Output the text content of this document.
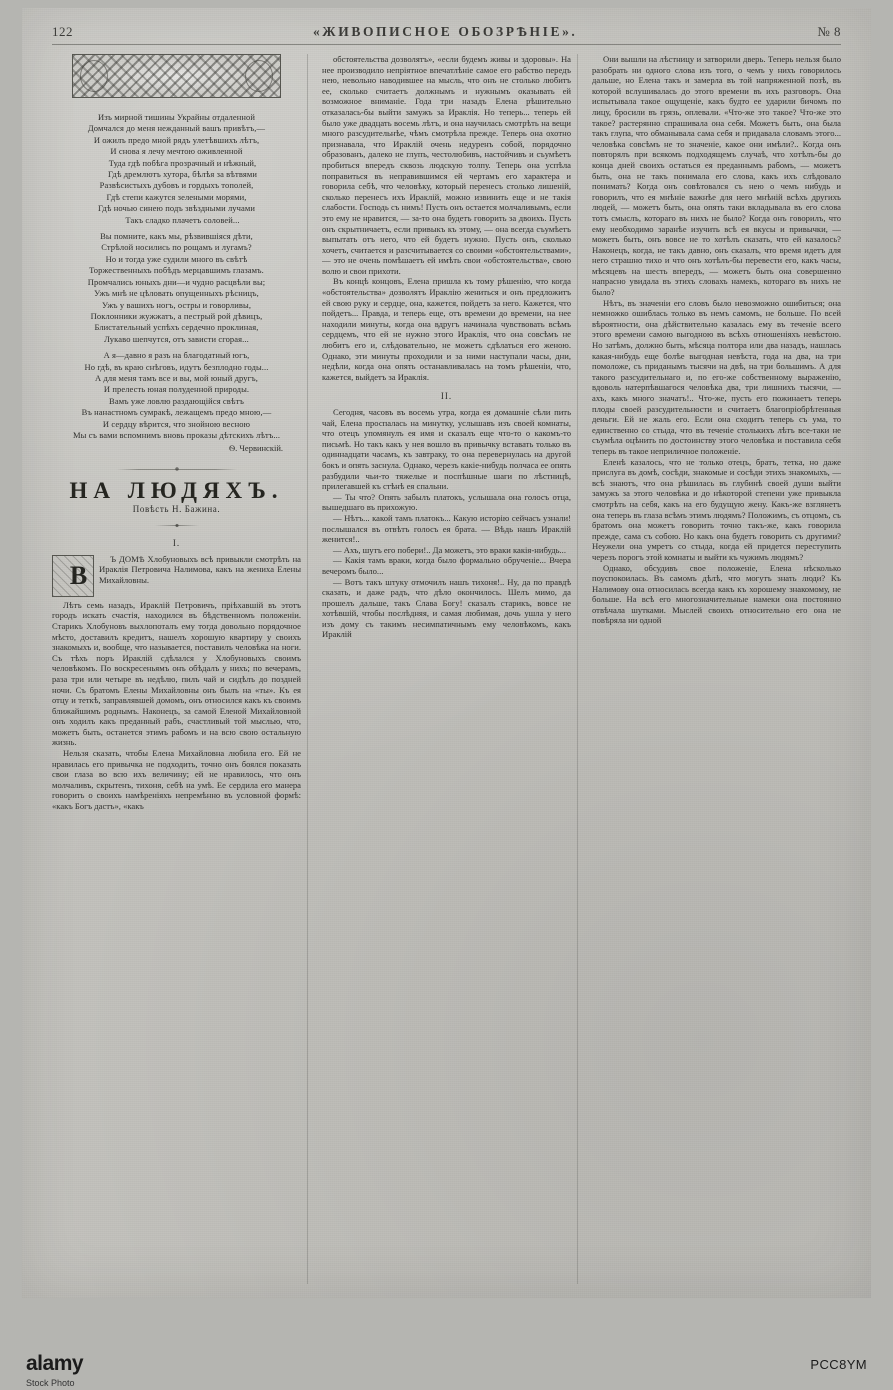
122	«ЖИВОПИСНОЕ ОБОЗРѢНІЕ».	№ 8
Изъ мирной тишины Украйны отдаленной
Домчался до меня нежданный вашъ привѣтъ,—
И ожилъ предо мной рядъ улетѣвшихъ лѣтъ,
И снова я лечу мечтою оживленной
Туда гдѣ побѣга прозрачный и нѣжный,
Гдѣ дремлютъ хутора, бѣлѣя за вѣтвями
Развѣсистыхъ дубовъ и гордыхъ тополей,
Гдѣ степи кажутся зелеными морями,
Гдѣ ночью синею подъ звѣздными лучами
Такъ сладко плачетъ соловей...
Вы помните, какъ мы, рѣзвившіяся дѣти,
Стрѣлой носились по рощамъ и лугамъ?
Но и тогда уже судили много въ свѣтѣ
Торжественныхъ побѣдъ мерцавшимъ глазамъ.
Промчались юныхъ дни—и чудно расцвѣли вы;
Ужъ мнѣ не цѣловать опущенныхъ рѣсницъ,
Ужъ у вашихъ ногъ, остры и говорливы,
Поклонники жужжатъ, а пестрый рой дѣвицъ,
Блистательный успѣхъ сердечно проклиная,
Лукаво шепчутся, отъ зависти сгорая...
А я—давно я разъ на благодатный югъ,
Но гдѣ, въ краю снѣговъ, идутъ безплодно годы...
А для меня тамъ все и вы, мой юный другъ,
И прелесть юная полуденной природы.
Вамъ уже ловлю раздающійся свѣтъ
Въ нанастномъ сумракѣ, лежащемъ предо мною,—
И сердцу вѣрится, что знойною весною
Мы съ вами вспомнимъ вновь проказы дѣтскихъ лѣтъ...
Ѳ. Червинскій.
НА ЛЮДЯХЪ.
Повѣсть Н. Бажина.
I.

В
Ъ ДОМѢ Хлобуновыхъ всѣ привыкли смотрѣть на Ираклія Петровича Налимова, какъ на жениха Елены Михайловны.

Лѣтъ семь назадъ, Ираклій Петровичъ, пріѣхавшій въ этотъ городъ искать счастія, находился въ бѣдственномъ положеніи. Старикъ Хлобуновъ выхлопоталъ ему тогда довольно порядочное мѣсто, доставилъ кредитъ, нашелъ хорошую квартиру у своихъ знакомыхъ и, вообще, что называется, поставилъ человѣка на ноги. Съ тѣхъ поръ Ираклій сдѣлался у Хлобуновыхъ своимъ человѣкомъ. По воскресеньямъ онъ обѣдалъ у нихъ; по вечерамъ, раза три или четыре въ недѣлю, пилъ чай и сидѣлъ до поздней ночи. Съ братомъ Елены Михайловны онъ былъ на «ты». Къ ея отцу и теткѣ, заправлявшей домомъ, онъ относился какъ къ своимъ ближайшимъ роднымъ. Наконецъ, за самой Еленой Михайловной онъ ходилъ какъ преданный рабъ, счастливый той мыслью, что, можетъ быть, останется этимъ рабомъ и на всю свою остальную жизнь.

Нельзя сказать, чтобы Елена Михайловна любила его. Ей не нравилась его привычка не подходить, точно онъ боялся показать свои глаза во всю ихъ величину; ей не нравилось, что онъ молчаливъ, скрытенъ, тихоня, себѣ на умѣ. Ее сердила его манера говорить о своихъ намѣреніяхъ непремѣнно въ условной формѣ: «какъ Богъ дастъ», «какъ

обстоятельства дозволятъ», «если будемъ живы и здоровы». На нее производило непріятное впечатлѣніе самое его рабство передъ нею, невольно наводившее на мысль, что онъ не столько любитъ ее, сколько считаетъ должнымъ и нужнымъ оказывать ей возможное вниманіе. Года три назадъ Елена рѣшительно отказалась-бы выйти замужъ за Ираклія. Но теперь... теперь ей было уже двадцать восемь лѣтъ, и она научилась смотрѣть на вещи много разсудительнѣе, чѣмъ смотрѣла прежде. Теперь она охотно признавала, что Ираклій очень недуренъ собой, порядочно образованъ, далеко не глупъ, честолюбивъ, настойчивъ и съумѣетъ пробиться впередъ сквозь людскую толпу. Теперь она успѣла поправиться въ неправившимся ей чертамъ его характера и говорила себѣ, что человѣку, который перенесъ столько лишеній, сколько перенесъ ихъ Ираклій, можно извинить еще и не такія слабости. Господь съ нимъ! Пусть онъ остается молчаливымъ, если это ему не нравится, — за-то она будетъ говорить за двоихъ. Пусть онъ скрытничаетъ, если привыкъ къ этому, — она всегда съумѣетъ выпытать отъ него, что ей будетъ нужно. Пусть онъ, сколько хочетъ, считается и разсчитывается со своими «обстоятельствами», — это не очень помѣшаетъ ей имѣть свои «обстоятельства», свою волю и свои прихоти.

Въ концѣ концовъ, Елена пришла къ тому рѣшенію, что когда «обстоятельства» дозволятъ Ираклію жениться и онъ предложитъ ей свою руку и сердце, она, кажется, пойдетъ за него. Кажется, что пойдетъ... Правда, и теперь еще, отъ времени до времени, на нее находили минуты, когда она вдругъ начинала чувствовать всѣмъ сердцемъ, что ей не нужно этого Ираклія, что она совсѣмъ не любитъ его и, слѣдовательно, не можетъ сдѣлаться его женою. Однако, эти минуты проходили и за ними наступали часы, дни, недѣли, когда она опять останавливалась на томъ рѣшеніи, что, кажется, выйдетъ за Ираклія.

II.

Сегодня, часовъ въ восемь утра, когда ея домашніе сѣли пить чай, Елена проспалась на минутку, услышавъ изъ своей комнаты, что отецъ упомянулъ ея имя и сказалъ еще что-то о какомъ-то письмѣ. Но такъ какъ у нея вошло въ привычку вставать только въ одиннадцати часамъ, къ завтраку, то она перевернулась на другой бокъ и опять заснула. Однако, черезъ какіе-нибудь полчаса ее опять разбудили чьи-то тяжелые и поспѣшные шаги по лѣстницѣ, прилегавшей къ стѣнѣ ея спальни.

— Ты что? Опять забылъ платокъ, услышала она голосъ отца, вышедшаго въ прихожую.

— Нѣтъ... какой тамъ платокъ... Какую исторію сейчасъ узнали! послышался въ отвѣтъ голосъ ея брата. — Вѣдь нашъ Ираклій женится!..

— Ахъ, шутъ его побери!.. Да можетъ, это враки какія-нибудь...

— Какія тамъ враки, когда было формально обрученіе... Вчера вечеромъ было...

— Вотъ такъ штуку отмочилъ нашъ тихоня!.. Ну, да по правдѣ сказать, и даже радъ, что дѣло окончилось. Шелъ мимо, да прошелъ дальше, такъ Слава Богу! сказалъ старикъ, вовсе не хотѣвшій, чтобы послѣдняя, и самая любимая, дочь ушла у него изъ дому съ такимъ несимпатичнымъ ему человѣкомъ, какъ Ираклій

Они вышли на лѣстницу и затворили дверь. Теперь нельзя было разобрать ни одного слова изъ того, о чемъ у нихъ говорилось дальше, но Елена такъ и замерла въ той напряженной позѣ, въ которой вслушивалась до этого времени въ ихъ разговоръ. Она испытывала такое ощущеніе, какъ будто ее ударили бичомъ по лицу, бросили въ грязь, оплевали. «Что-же это такое? Что-же это такое? растерянно спрашивала она себя. Можетъ быть, она была такъ глупа, что обманывала сама себя и придавала словамъ этого... человѣка совсѣмъ не то значеніе, какое они имѣли?.. Когда онъ повторялъ при всякомъ подходящемъ случаѣ, что хотѣлъ-бы до конца дней своихъ остаться ея преданнымъ рабомъ, — можетъ быть, она не такъ понимала его слова, какъ ихъ слѣдовало понимать? Когда онъ совѣтовался съ нею о чемъ нибудь и говорилъ, что ея мнѣніе важнѣе для него мнѣній всѣхъ другихъ людей, — можетъ быть, она опять таки вкладывала въ его слова тотъ смыслъ, котораго въ нихъ не было? Когда онъ говорилъ, что ему необходимо заранѣе изучить всѣ ея вкусы и привычки, — можетъ быть, онъ вовсе не то хотѣлъ сказать, что ей казалось? Наконецъ, когда, не такъ давно, онъ сказалъ, что время идетъ для него страшно тихо и что онъ хотѣлъ-бы перевести его, какъ часы, мѣсяцевъ на шесть впередъ, — можетъ быть она совершенно напрасно увидала въ этихъ словахъ намекъ, котораго въ нихъ не было?

Нѣтъ, въ значеніи его словъ было невозможно ошибиться; она немножко ошиблась только въ немъ самомъ, не больше. По всей вѣроятности, она дѣйствительно казалась ему въ теченіе всего этого времени самою выгодною въ всѣхъ отношеніяхъ невѣстою. Но затѣмъ, должно быть, мѣсяца полтора или два назадъ, нашлась какая-нибудь еще болѣе выгодная невѣста, года на два, на три помоложе, съ приданымъ тысячи на двѣ, на три большимъ. А для такого разсудительнаго и, по его-же собственному выраженію, вдоволь натерпѣвшагося человѣка два, три лишнихъ тысячи, — ахъ, какъ много значатъ!.. Что-же, пусть его пожинаетъ теперь плоды своей разсудительности и считаетъ благопріобрѣтенныя деньги. Ей не жаль его. Если она сходитъ теперь съ ума, то единственно со стыда, что въ теченіе столькихъ лѣтъ все-таки не съумѣла оцѣнить по достоинству этого человѣка и поставила себя теперь въ такое неприличное положеніе.

Еленѣ казалось, что не только отецъ, братъ, тетка, но даже прислуга въ домѣ, сосѣди, знакомые и сосѣди этихъ знакомыхъ, — всѣ знаютъ, что она рѣшилась въ глубинѣ своей души выйти замужъ за этого человѣка и до нѣкоторой степени уже привыкла смотрѣть на себя, какъ на его будущую жену. Какъ-же взглянетъ она теперь въ глаза всѣмъ этимъ людямъ? Положимъ, съ отцомъ, съ братомъ она можетъ говорить точно такъ-же, какъ говорила прежде, сама съ собою. Но какъ она будетъ говорить съ другими? Неужели она умретъ со стыда, когда ей придется переступить черезъ порогъ этой комнаты и выйти къ чужимъ людямъ?

Однако, обсудивъ свое положеніе, Елена нѣсколько поуспокоилась. Въ самомъ дѣлѣ, что могутъ знать люди? Къ Налимову она относилась всегда какъ къ хорошему знакомому, не больше. На всѣ его многозначительные намеки она постоянно отвѣчала шутками. Мыслей своихъ относительно его она не повѣряла ни одной

alamy	PCC8YM
Stock Photo
